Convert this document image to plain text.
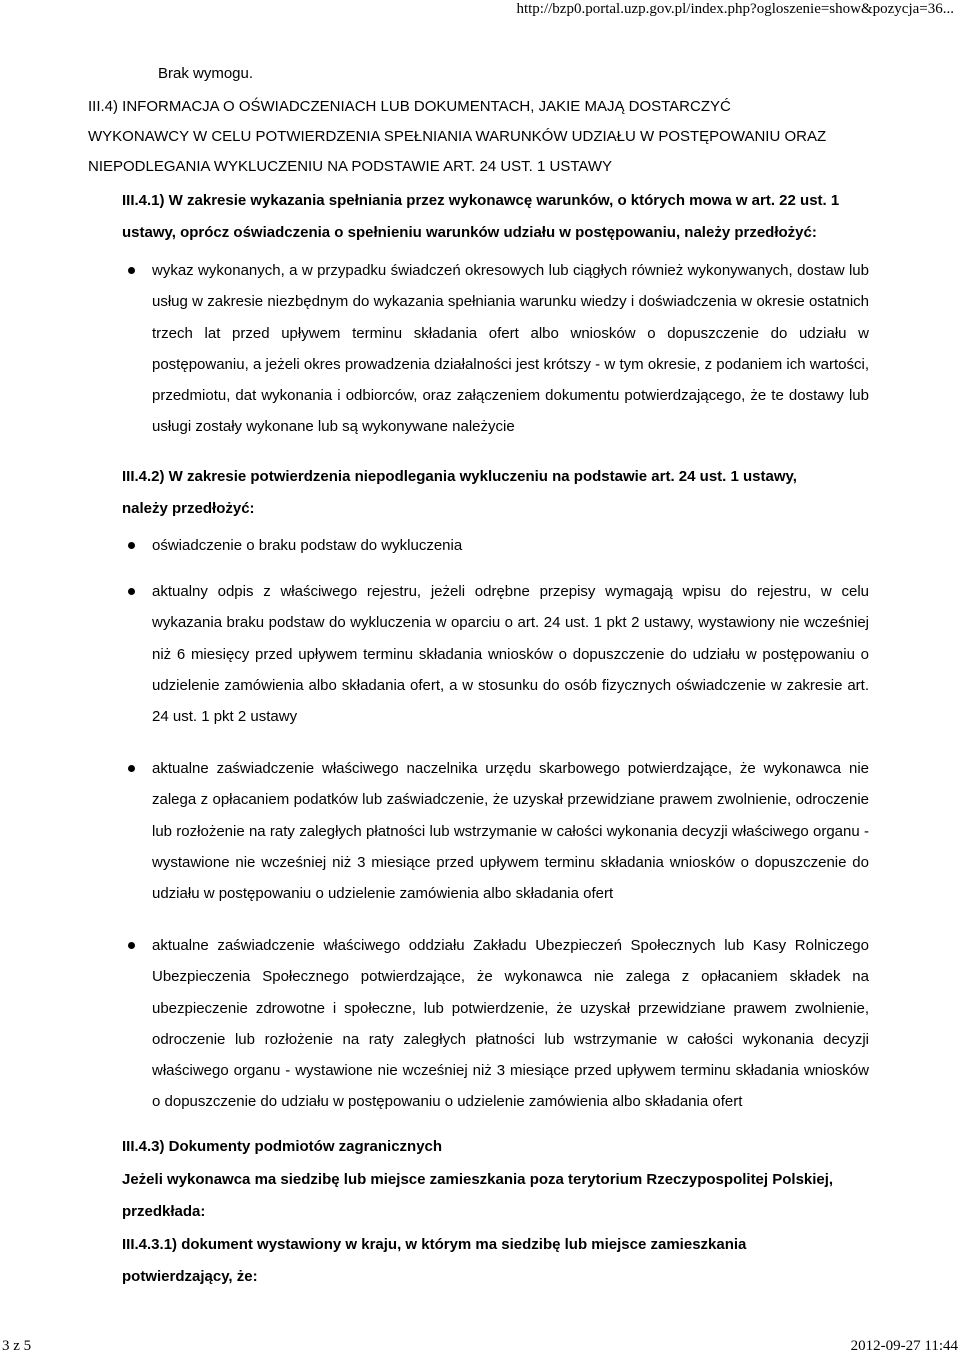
http://bzp0.portal.uzp.gov.pl/index.php?ogloszenie=show&pozycja=36...
Brak wymogu.

III.4) INFORMACJA O OŚWIADCZENIACH LUB DOKUMENTACH, JAKIE MAJĄ DOSTARCZYĆ

WYKONAWCY W CELU POTWIERDZENIA SPEŁNIANIA WARUNKÓW UDZIAŁU W POSTĘPOWANIU ORAZ

NIEPODLEGANIA WYKLUCZENIU NA PODSTAWIE ART. 24 UST. 1 USTAWY

III.4.1) W zakresie wykazania spełniania przez wykonawcę warunków, o których mowa w art. 22 ust. 1
ustawy, oprócz oświadczenia o spełnieniu warunków udziału w postępowaniu, należy przedłożyć:

wykaz wykonanych, a w przypadku świadczeń okresowych lub ciągłych również wykonywanych, dostaw lub usług w zakresie niezbędnym do wykazania spełniania warunku wiedzy i doświadczenia w okresie ostatnich trzech lat przed upływem terminu składania ofert albo wniosków o dopuszczenie do udziału w postępowaniu, a jeżeli okres prowadzenia działalności jest krótszy - w tym okresie, z podaniem ich wartości, przedmiotu, dat wykonania i odbiorców, oraz załączeniem dokumentu potwierdzającego, że te dostawy lub usługi zostały wykonane lub są wykonywane należycie

III.4.2) W zakresie potwierdzenia niepodlegania wykluczeniu na podstawie art. 24 ust. 1 ustawy,
należy przedłożyć:

oświadczenie o braku podstaw do wykluczenia

aktualny odpis z właściwego rejestru, jeżeli odrębne przepisy wymagają wpisu do rejestru, w celu wykazania braku podstaw do wykluczenia w oparciu o art. 24 ust. 1 pkt 2 ustawy, wystawiony nie wcześniej niż 6 miesięcy przed upływem terminu składania wniosków o dopuszczenie do udziału w postępowaniu o udzielenie zamówienia albo składania ofert, a w stosunku do osób fizycznych oświadczenie w zakresie art. 24 ust. 1 pkt 2 ustawy

aktualne zaświadczenie właściwego naczelnika urzędu skarbowego potwierdzające, że wykonawca nie zalega z opłacaniem podatków lub zaświadczenie, że uzyskał przewidziane prawem zwolnienie, odroczenie lub rozłożenie na raty zaległych płatności lub wstrzymanie w całości wykonania decyzji właściwego organu - wystawione nie wcześniej niż 3 miesiące przed upływem terminu składania wniosków o dopuszczenie do udziału w postępowaniu o udzielenie zamówienia albo składania ofert

aktualne zaświadczenie właściwego oddziału Zakładu Ubezpieczeń Społecznych lub Kasy Rolniczego Ubezpieczenia Społecznego potwierdzające, że wykonawca nie zalega z opłacaniem składek na ubezpieczenie zdrowotne i społeczne, lub potwierdzenie, że uzyskał przewidziane prawem zwolnienie, odroczenie lub rozłożenie na raty zaległych płatności lub wstrzymanie w całości wykonania decyzji właściwego organu - wystawione nie wcześniej niż 3 miesiące przed upływem terminu składania wniosków o dopuszczenie do udziału w postępowaniu o udzielenie zamówienia albo składania ofert

III.4.3) Dokumenty podmiotów zagranicznych
Jeżeli wykonawca ma siedzibę lub miejsce zamieszkania poza terytorium Rzeczypospolitej Polskiej,
przedkłada:
III.4.3.1) dokument wystawiony w kraju, w którym ma siedzibę lub miejsce zamieszkania
potwierdzający, że:
3 z 5	2012-09-27 11:44
